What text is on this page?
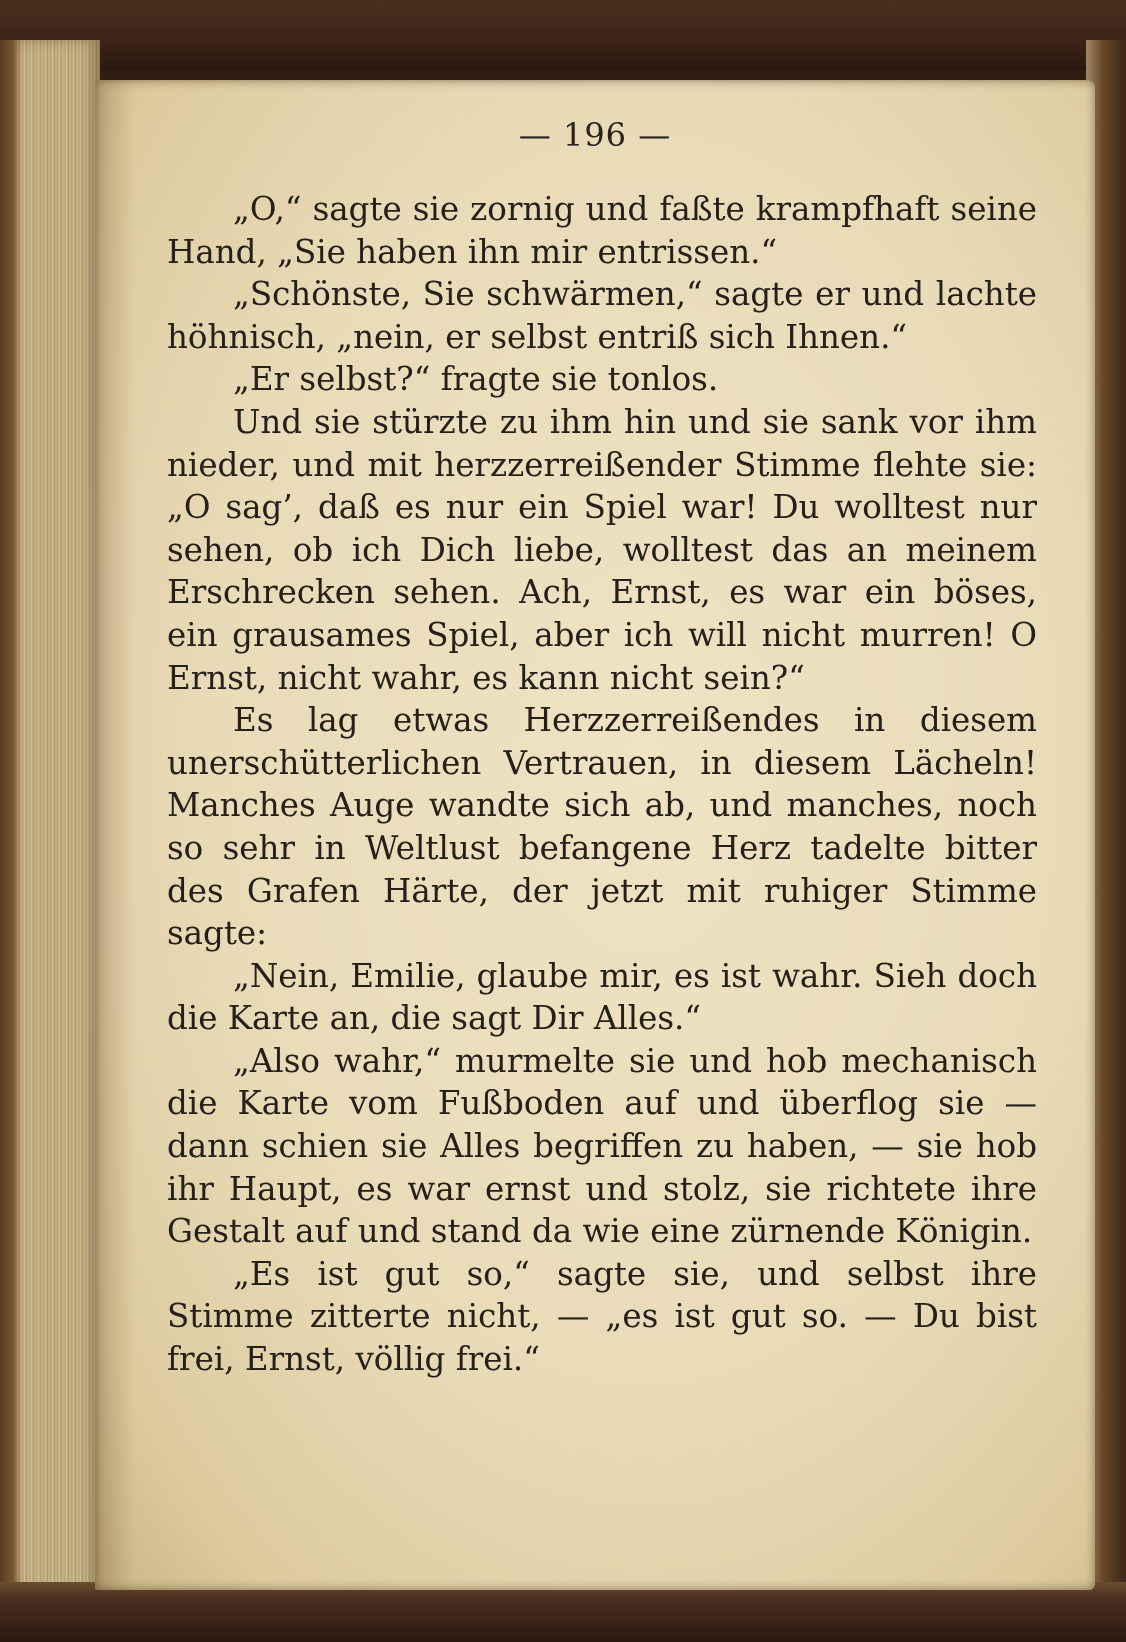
— 196 —

„O,“ sagte sie zornig und faßte krampfhaft seine Hand, „Sie haben ihn mir entrissen.“

„Schönste, Sie schwärmen,“ sagte er und lachte höhnisch, „nein, er selbst entriß sich Ihnen.“

„Er selbst?“ fragte sie tonlos.

Und sie stürzte zu ihm hin und sie sank vor ihm nieder, und mit herzzerreißender Stimme flehte sie: „O sag’, daß es nur ein Spiel war! Du wolltest nur sehen, ob ich Dich liebe, wolltest das an meinem Erschrecken sehen. Ach, Ernst, es war ein böses, ein grausames Spiel, aber ich will nicht murren! O Ernst, nicht wahr, es kann nicht sein?“

Es lag etwas Herzzerreißendes in diesem unerschütterlichen Vertrauen, in diesem Lächeln! Manches Auge wandte sich ab, und manches, noch so sehr in Weltlust befangene Herz tadelte bitter des Grafen Härte, der jetzt mit ruhiger Stimme sagte:

„Nein, Emilie, glaube mir, es ist wahr. Sieh doch die Karte an, die sagt Dir Alles.“

„Also wahr,“ murmelte sie und hob mechanisch die Karte vom Fußboden auf und überflog sie — dann schien sie Alles begriffen zu haben, — sie hob ihr Haupt, es war ernst und stolz, sie richtete ihre Gestalt auf und stand da wie eine zürnende Königin.

„Es ist gut so,“ sagte sie, und selbst ihre Stimme zitterte nicht, — „es ist gut so. — Du bist frei, Ernst, völlig frei.“
